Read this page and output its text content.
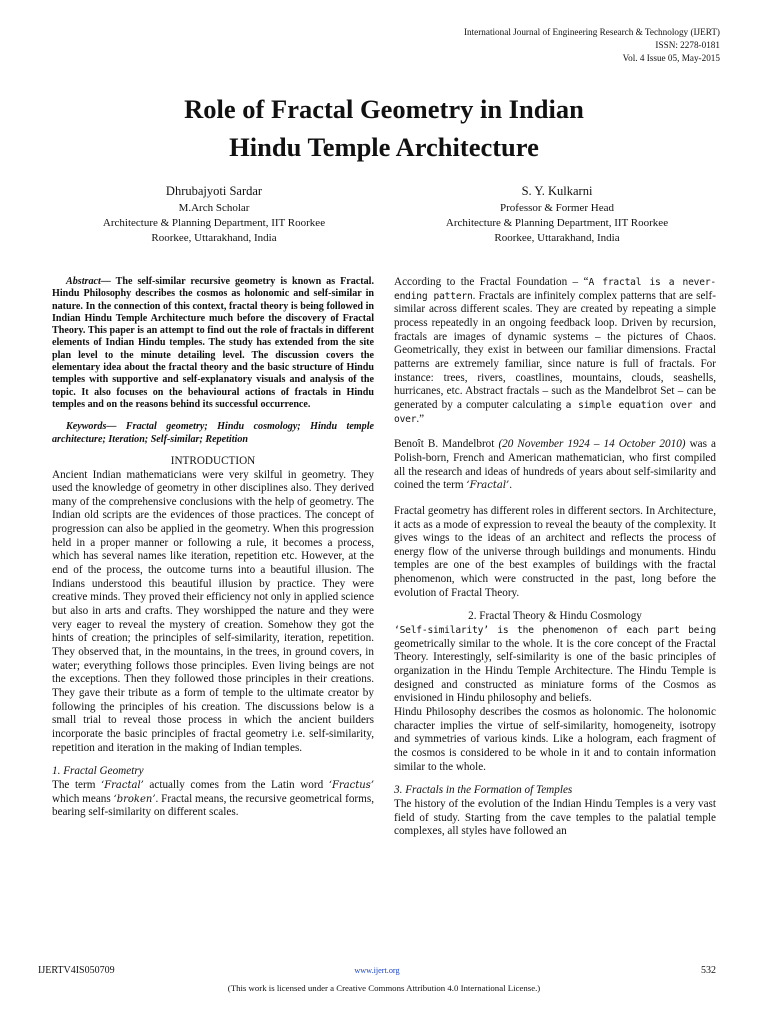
International Journal of Engineering Research & Technology (IJERT)
ISSN: 2278-0181
Vol. 4 Issue 05, May-2015
Role of Fractal Geometry in Indian
Hindu Temple Architecture
Dhrubajyoti Sardar
M.Arch Scholar
Architecture & Planning Department, IIT Roorkee
Roorkee, Uttarakhand, India
S. Y. Kulkarni
Professor & Former Head
Architecture & Planning Department, IIT Roorkee
Roorkee, Uttarakhand, India

Abstract— The self-similar recursive geometry is known as Fractal. Hindu Philosophy describes the cosmos as holonomic and self-similar in nature. In the connection of this context, fractal theory is being followed in Indian Hindu Temple Architecture much before the discovery of Fractal Theory. This paper is an attempt to find out the role of fractals in different elements of Indian Hindu temples. The study has extended from the site plan level to the minute detailing level. The discussion covers the elementary idea about the fractal theory and the basic structure of Hindu temples with supportive and self-explanatory visuals and analysis of the topic. It also focuses on the behavioural actions of fractals in Hindu temples and on the reasons behind its successful occurrence.

Keywords— Fractal geometry; Hindu cosmology; Hindu temple architecture; Iteration; Self-similar; Repetition

INTRODUCTION

Ancient Indian mathematicians were very skilful in geometry. They used the knowledge of geometry in other disciplines also. They derived many of the comprehensive conclusions with the help of geometry. The Indian old scripts are the evidences of those practices. The concept of progression can also be applied in the geometry. When this progression held in a proper manner or following a rule, it becomes a process, which has several names like iteration, repetition etc. However, at the end of the process, the outcome turns into a beautiful illusion. The Indians understood this beautiful illusion by practice. They were creative minds. They proved their efficiency not only in applied science but also in arts and crafts. They worshipped the nature and they were very eager to reveal the mystery of creation. Somehow they got the hints of creation; the principles of self-similarity, iteration, repetition. They observed that, in the mountains, in the trees, in ground covers, in water; everything follows those principles. Even living beings are not the exceptions. Then they followed those principles in their creations. They gave their tribute as a form of temple to the ultimate creator by following the principles of his creation. The discussions below is a small trial to reveal those process in which the ancient builders incorporate the basic principles of fractal geometry i.e. self-similarity, repetition and iteration in the making of Indian temples.

1. Fractal Geometry

The term ‘Fractal’ actually comes from the Latin word ‘Fractus’ which means ‘broken’. Fractal means, the recursive geometrical forms, bearing self-similarity on different scales.

According to the Fractal Foundation – “A fractal is a never-ending pattern. Fractals are infinitely complex patterns that are self-similar across different scales. They are created by repeating a simple process repeatedly in an ongoing feedback loop. Driven by recursion, fractals are images of dynamic systems – the pictures of Chaos. Geometrically, they exist in between our familiar dimensions. Fractal patterns are extremely familiar, since nature is full of fractals. For instance: trees, rivers, coastlines, mountains, clouds, seashells, hurricanes, etc. Abstract fractals – such as the Mandelbrot Set – can be generated by a computer calculating a simple equation over and over.”

Benoît B. Mandelbrot (20 November 1924 – 14 October 2010) was a Polish-born, French and American mathematician, who first compiled all the research and ideas of hundreds of years about self-similarity and coined the term ‘Fractal’.

Fractal geometry has different roles in different sectors. In Architecture, it acts as a mode of expression to reveal the beauty of the complexity. It gives wings to the ideas of an architect and reflects the process of energy flow of the universe through buildings and monuments. Hindu temples are one of the best examples of buildings with the fractal phenomenon, which were constructed in the past, long before the evolution of Fractal Theory.

2. Fractal Theory & Hindu Cosmology

‘Self-similarity’ is the phenomenon of each part being geometrically similar to the whole. It is the core concept of the Fractal Theory. Interestingly, self-similarity is one of the basic principles of organization in the Hindu Temple Architecture. The Hindu Temple is designed and constructed as miniature forms of the Cosmos as envisioned in Hindu philosophy and beliefs.

Hindu Philosophy describes the cosmos as holonomic. The holonomic character implies the virtue of self-similarity, homogeneity, isotropy and symmetries of various kinds. Like a hologram, each fragment of the cosmos is considered to be whole in it and to contain information similar to the whole.

3. Fractals in the Formation of Temples

The history of the evolution of the Indian Hindu Temples is a very vast field of study. Starting from the cave temples to the palatial temple complexes, all styles have followed an

IJERTV4IS050709	www.ijert.org	532
(This work is licensed under a Creative Commons Attribution 4.0 International License.)
